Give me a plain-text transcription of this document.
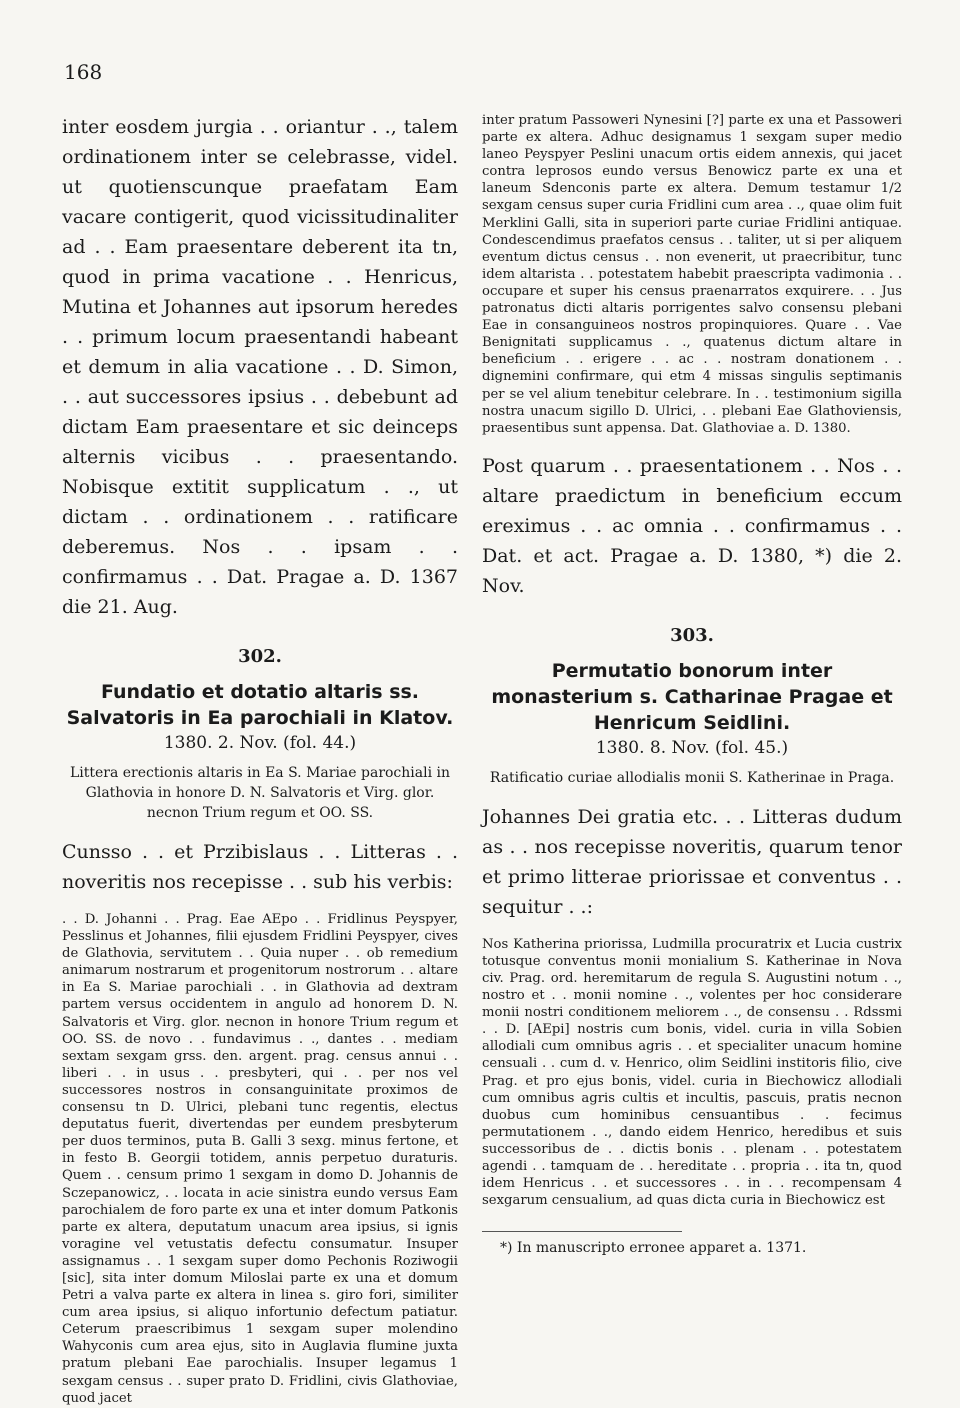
168

inter eosdem jurgia . . oriantur . ., talem ordinationem inter se celebrasse, videl. ut quotienscunque praefatam Eam vacare contigerit, quod vicissitudinaliter ad . . Eam praesentare deberent ita tn, quod in prima vacatione . . Henricus, Mutina et Johannes aut ipsorum heredes . . primum locum praesentandi habeant et demum in alia vacatione . . D. Simon, . . aut successores ipsius . . debebunt ad dictam Eam praesentare et sic deinceps alternis vicibus . . praesentando. Nobisque extitit supplicatum . ., ut dictam . . ordinationem . . ratificare deberemus. Nos . . ipsam . . confirmamus . . Dat. Pragae a. D. 1367 die 21. Aug.

302.

Fundatio et dotatio altaris ss. Salvatoris in Ea parochiali in Klatov.

1380. 2. Nov. (fol. 44.)

Littera erectionis altaris in Ea S. Mariae parochiali in Glathovia in honore D. N. Salvatoris et Virg. glor. necnon Trium regum et OO. SS.

Cunsso . . et Przibislaus . . Litteras . . noveritis nos recepisse . . sub his verbis:

. . D. Johanni . . Prag. Eae AEpo . . Fridlinus Peyspyer, Pesslinus et Johannes, filii ejusdem Fridlini Peyspyer, cives de Glathovia, servitutem . . Quia nuper . . ob remedium animarum nostrarum et progenitorum nostrorum . . altare in Ea S. Mariae parochiali . . in Glathovia ad dextram partem versus occidentem in angulo ad honorem D. N. Salvatoris et Virg. glor. necnon in honore Trium regum et OO. SS. de novo . . fundavimus . ., dantes . . mediam sextam sexgam grss. den. argent. prag. census annui . . liberi . . in usus . . presbyteri, qui . . per nos vel successores nostros in consanguinitate proximos de consensu tn D. Ulrici, plebani tunc regentis, electus deputatus fuerit, divertendas per eundem presbyterum per duos terminos, puta B. Galli 3 sexg. minus fertone, et in festo B. Georgii totidem, annis perpetuo duraturis. Quem . . censum primo 1 sexgam in domo D. Johannis de Sczepanowicz, . . locata in acie sinistra eundo versus Eam parochialem de foro parte ex una et inter domum Patkonis parte ex altera, deputatum unacum area ipsius, si ignis voragine vel vetustatis defectu consumatur. Insuper assignamus . . 1 sexgam super domo Pechonis Roziwogii [sic], sita inter domum Miloslai parte ex una et domum Petri a valva parte ex altera in linea s. giro fori, similiter cum area ipsius, si aliquo infortunio defectum patiatur. Ceterum praescribimus 1 sexgam super molendino Wahyconis cum area ejus, sito in Auglavia flumine juxta pratum plebani Eae parochialis. Insuper legamus 1 sexgam census . . super prato D. Fridlini, civis Glathoviae, quod jacet

inter pratum Passoweri Nynesini [?] parte ex una et Passoweri parte ex altera. Adhuc designamus 1 sexgam super medio laneo Peyspyer Peslini unacum ortis eidem annexis, qui jacet contra leprosos eundo versus Benowicz parte ex una et laneum Sdenconis parte ex altera. Demum testamur 1/2 sexgam census super curia Fridlini cum area . ., quae olim fuit Merklini Galli, sita in superiori parte curiae Fridlini antiquae. Condescendimus praefatos census . . taliter, ut si per aliquem eventum dictus census . . non evenerit, ut praecribitur, tunc idem altarista . . potestatem habebit praescripta vadimonia . . occupare et super his census praenarratos exquirere. . . Jus patronatus dicti altaris porrigentes salvo consensu plebani Eae in consanguineos nostros propinquiores. Quare . . Vae Benignitati supplicamus . ., quatenus dictum altare in beneficium . . erigere . . ac . . nostram donationem . . dignemini confirmare, qui etm 4 missas singulis septimanis per se vel alium tenebitur celebrare. In . . testimonium sigilla nostra unacum sigillo D. Ulrici, . . plebani Eae Glathoviensis, praesentibus sunt appensa. Dat. Glathoviae a. D. 1380.

Post quarum . . praesentationem . . Nos . . altare praedictum in beneficium eccum ereximus . . ac omnia . . confirmamus . . Dat. et act. Pragae a. D. 1380, *) die 2. Nov.

303.

Permutatio bonorum inter monasterium s. Catharinae Pragae et Henricum Seidlini.

1380. 8. Nov. (fol. 45.)

Ratificatio curiae allodialis monii S. Katherinae in Praga.

Johannes Dei gratia etc. . . Litteras dudum as . . nos recepisse noveritis, quarum tenor et primo litterae priorissae et conventus . . sequitur . .:

Nos Katherina priorissa, Ludmilla procuratrix et Lucia custrix totusque conventus monii monialium S. Katherinae in Nova civ. Prag. ord. heremitarum de regula S. Augustini notum . ., nostro et . . monii nomine . ., volentes per hoc considerare monii nostri conditionem meliorem . ., de consensu . . Rdssmi . . D. [AEpi] nostris cum bonis, videl. curia in villa Sobien allodiali cum omnibus agris . . et specialiter unacum homine censuali . . cum d. v. Henrico, olim Seidlini institoris filio, cive Prag. et pro ejus bonis, videl. curia in Biechowicz allodiali cum omnibus agris cultis et incultis, pascuis, pratis necnon duobus cum hominibus censuantibus . . fecimus permutationem . ., dando eidem Henrico, heredibus et suis successoribus de . . dictis bonis . . plenam . . potestatem agendi . . tamquam de . . hereditate . . propria . . ita tn, quod idem Henricus . . et successores . . in . . recompensam 4 sexgarum censualium, ad quas dicta curia in Biechowicz est

*) In manuscripto erronee apparet a. 1371.
